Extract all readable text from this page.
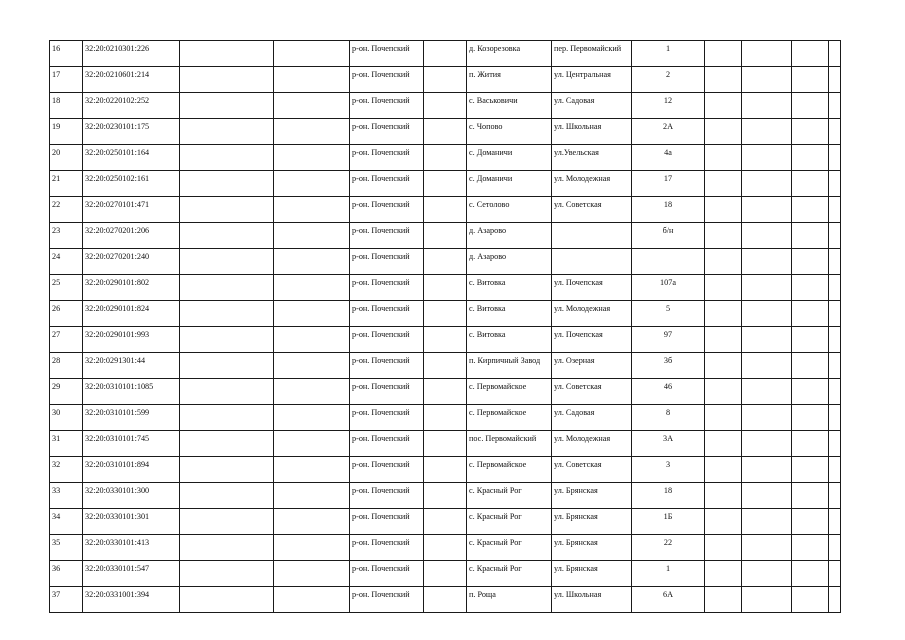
16	32:20:0210301:226			р-он. Почепский		д. Козорезовка	пер. Первомайский	1				
17	32:20:0210601:214			р-он. Почепский		п. Жития	ул. Центральная	2				
18	32:20:0220102:252			р-он. Почепский		с. Васьковичи	ул. Садовая	12				
19	32:20:0230101:175			р-он. Почепский		с. Чопово	ул. Школьная	2А				
20	32:20:0250101:164			р-он. Почепский		с. Доманичи	ул.Увельская	4а				
21	32:20:0250102:161			р-он. Почепский		с. Доманичи	ул. Молодежная	17				
22	32:20:0270101:471			р-он. Почепский		с. Сетолово	ул. Советская	18				
23	32:20:0270201:206			р-он. Почепский		д. Азарово		б/н				
24	32:20:0270201:240			р-он. Почепский		д. Азарово						
25	32:20:0290101:802			р-он. Почепский		с. Витовка	ул. Почепская	107а				
26	32:20:0290101:824			р-он. Почепский		с. Витовка	ул. Молодежная	5				
27	32:20:0290101:993			р-он. Почепский		с. Витовка	ул. Почепская	97				
28	32:20:0291301:44			р-он. Почепский		п. Кирпичный Завод	ул. Озерная	3б				
29	32:20:0310101:1085			р-он. Почепский		с. Первомайское	ул. Советская	46				
30	32:20:0310101:599			р-он. Почепский		с. Первомайское	ул. Садовая	8				
31	32:20:0310101:745			р-он. Почепский		пос. Первомайский	ул. Молодежная	3А				
32	32:20:0310101:894			р-он. Почепский		с. Первомайское	ул. Советская	3				
33	32:20:0330101:300			р-он. Почепский		с. Красный Рог	ул. Брянская	18				
34	32:20:0330101:301			р-он. Почепский		с. Красный Рог	ул. Брянская	1Б				
35	32:20:0330101:413			р-он. Почепский		с. Красный Рог	ул. Брянская	22				
36	32:20:0330101:547			р-он. Почепский		с. Красный Рог	ул. Брянская	1				
37	32:20:0331001:394			р-он. Почепский		п. Роща	ул. Школьная	6А				
